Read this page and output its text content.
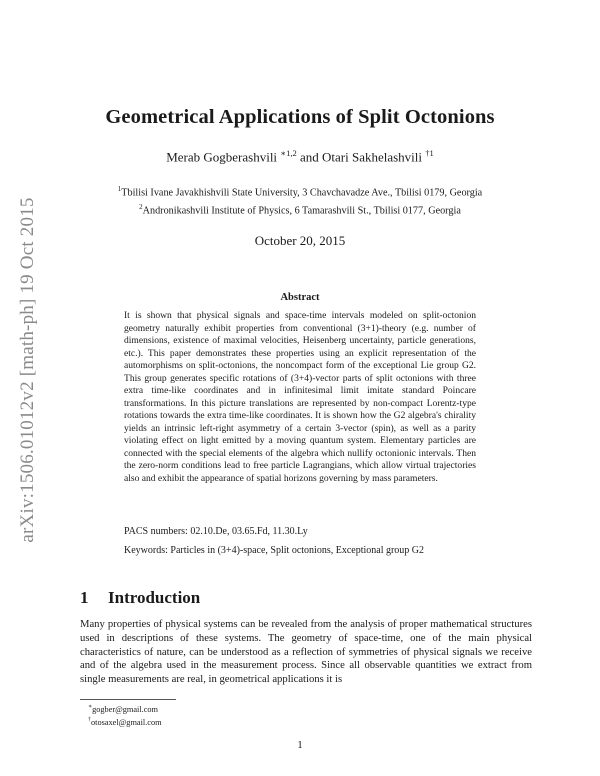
arXiv:1506.01012v2 [math-ph] 19 Oct 2015
Geometrical Applications of Split Octonions
Merab Gogberashvili $^{∗1,2}$ and Otari Sakhelashvili $^{\dagger 1}$
$^1$Tbilisi Ivane Javakhishvili State University, 3 Chavchavadze Ave., Tbilisi 0179, Georgia
$^2$Andronikashvili Institute of Physics, 6 Tamarashvili St., Tbilisi 0177, Georgia
October 20, 2015
Abstract

It is shown that physical signals and space-time intervals modeled on split-octonion geometry naturally exhibit properties from conventional (3+1)-theory (e.g. number of dimensions, existence of maximal velocities, Heisenberg uncertainty, particle generations, etc.). This paper demonstrates these properties using an explicit representation of the automorphisms on split-octonions, the noncompact form of the exceptional Lie group G2. This group generates specific rotations of (3+4)-vector parts of split octonions with three extra time-like coordinates and in infinitesimal limit imitate standard Poincare transformations. In this picture translations are represented by non-compact Lorentz-type rotations towards the extra time-like coordinates. It is shown how the G2 algebra's chirality yields an intrinsic left-right asymmetry of a certain 3-vector (spin), as well as a parity violating effect on light emitted by a moving quantum system. Elementary particles are connected with the special elements of the algebra which nullify octonionic intervals. Then the zero-norm conditions lead to free particle Lagrangians, which allow virtual trajectories also and exhibit the appearance of spatial horizons governing by mass parameters.

PACS numbers: 02.10.De, 03.65.Fd, 11.30.Ly
Keywords: Particles in (3+4)-space, Split octonions, Exceptional group G2
1 Introduction

Many properties of physical systems can be revealed from the analysis of proper mathematical structures used in descriptions of these systems. The geometry of space-time, one of the main physical characteristics of nature, can be understood as a reflection of symmetries of physical signals we receive and of the algebra used in the measurement process. Since all observable quantities we extract from single measurements are real, in geometrical applications it is

∗gogber@gmail.com
†otosaxel@gmail.com
1
